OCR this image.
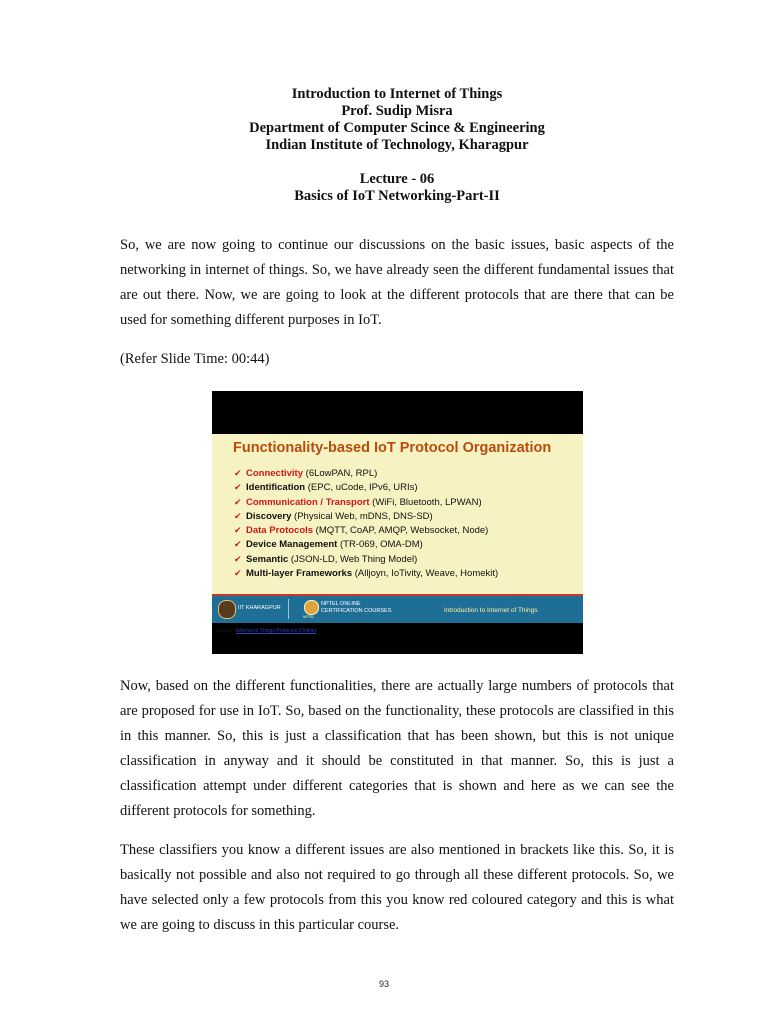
Introduction to Internet of Things
Prof. Sudip Misra
Department of Computer Scince & Engineering
Indian Institute of Technology, Kharagpur
Lecture - 06
Basics of IoT Networking-Part-II

So, we are now going to continue our discussions on the basic issues, basic aspects of the networking in internet of things. So, we have already seen the different fundamental issues that are out there. Now, we are going to look at the different protocols that are there that can be used for something different purposes in IoT.

(Refer Slide Time: 00:44)

Functionality-based IoT Protocol Organization
✔ Connectivity (6LowPAN, RPL)
✔ Identification (EPC, uCode, IPv6, URIs)
✔ Communication / Transport (WiFi, Bluetooth, LPWAN)
✔ Discovery (Physical Web, mDNS, DNS-SD)
✔ Data Protocols (MQTT, CoAP, AMQP, Websocket, Node)
✔ Device Management (TR-069, OMA-DM)
✔ Semantic (JSON-LD, Web Thing Model)
✔ Multi-layer Frameworks (Alljoyn, IoTivity, Weave, Homekit)
Source: Internet of Things Protocols (Online)
IIT KHARAGPUR
NPTEL ONLINE
CERTIFICATION COURSES
NPTEL
Introduction to Internet of Things

Now, based on the different functionalities, there are actually large numbers of protocols that are proposed for use in IoT. So, based on the functionality, these protocols are classified in this in this manner. So, this is just a classification that has been shown, but this is not unique classification in anyway and it should be constituted in that manner. So, this is just a classification attempt under different categories that is shown and here as we can see the different protocols for something.

These classifiers you know a different issues are also mentioned in brackets like this. So, it is basically not possible and also not required to go through all these different protocols. So, we have selected only a few protocols from this you know red coloured category and this is what we are going to discuss in this particular course.

93
